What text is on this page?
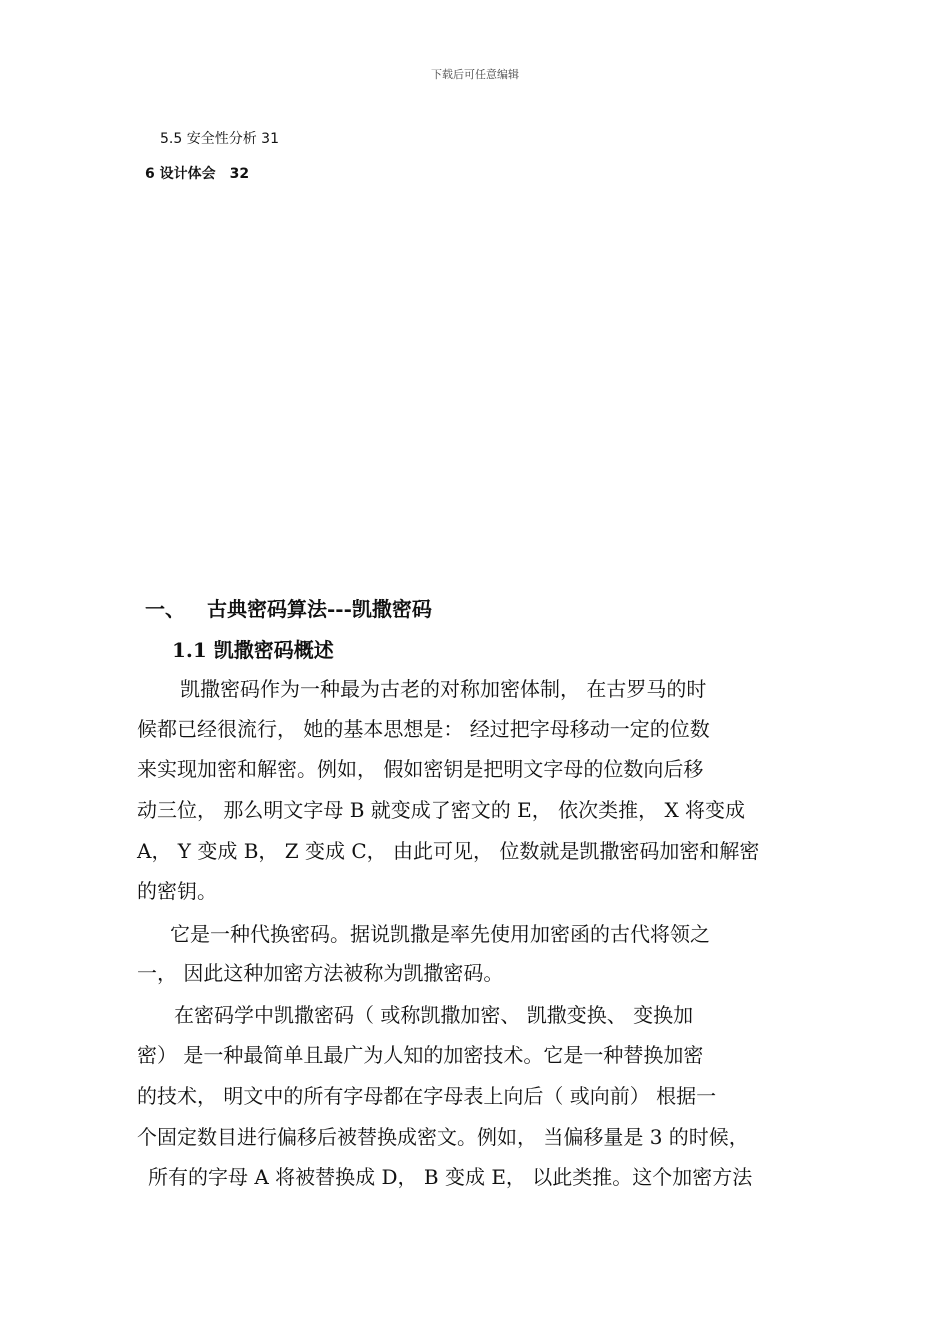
下载后可任意编辑
5.5 安全性分析 31
6 设计体会 32
一、 古典密码算法---凯撒密码
1.1 凯撒密码概述
凯撒密码作为一种最为古老的对称加密体制， 在古罗马的时
候都已经很流行， 她的基本思想是： 经过把字母移动一定的位数
来实现加密和解密。例如， 假如密钥是把明文字母的位数向后移
动三位， 那么明文字母 B 就变成了密文的 E， 依次类推， X 将变成
A， Y 变成 B， Z 变成 C， 由此可见， 位数就是凯撒密码加密和解密
的密钥。
它是一种代换密码。据说凯撒是率先使用加密函的古代将领之
一， 因此这种加密方法被称为凯撒密码。
在密码学中凯撒密码（ 或称凯撒加密、 凯撒变换、 变换加
密） 是一种最简单且最广为人知的加密技术。它是一种替换加密
的技术， 明文中的所有字母都在字母表上向后（ 或向前） 根据一
个固定数目进行偏移后被替换成密文。例如， 当偏移量是 3 的时候，
所有的字母 A 将被替换成 D， B 变成 E， 以此类推。这个加密方法
